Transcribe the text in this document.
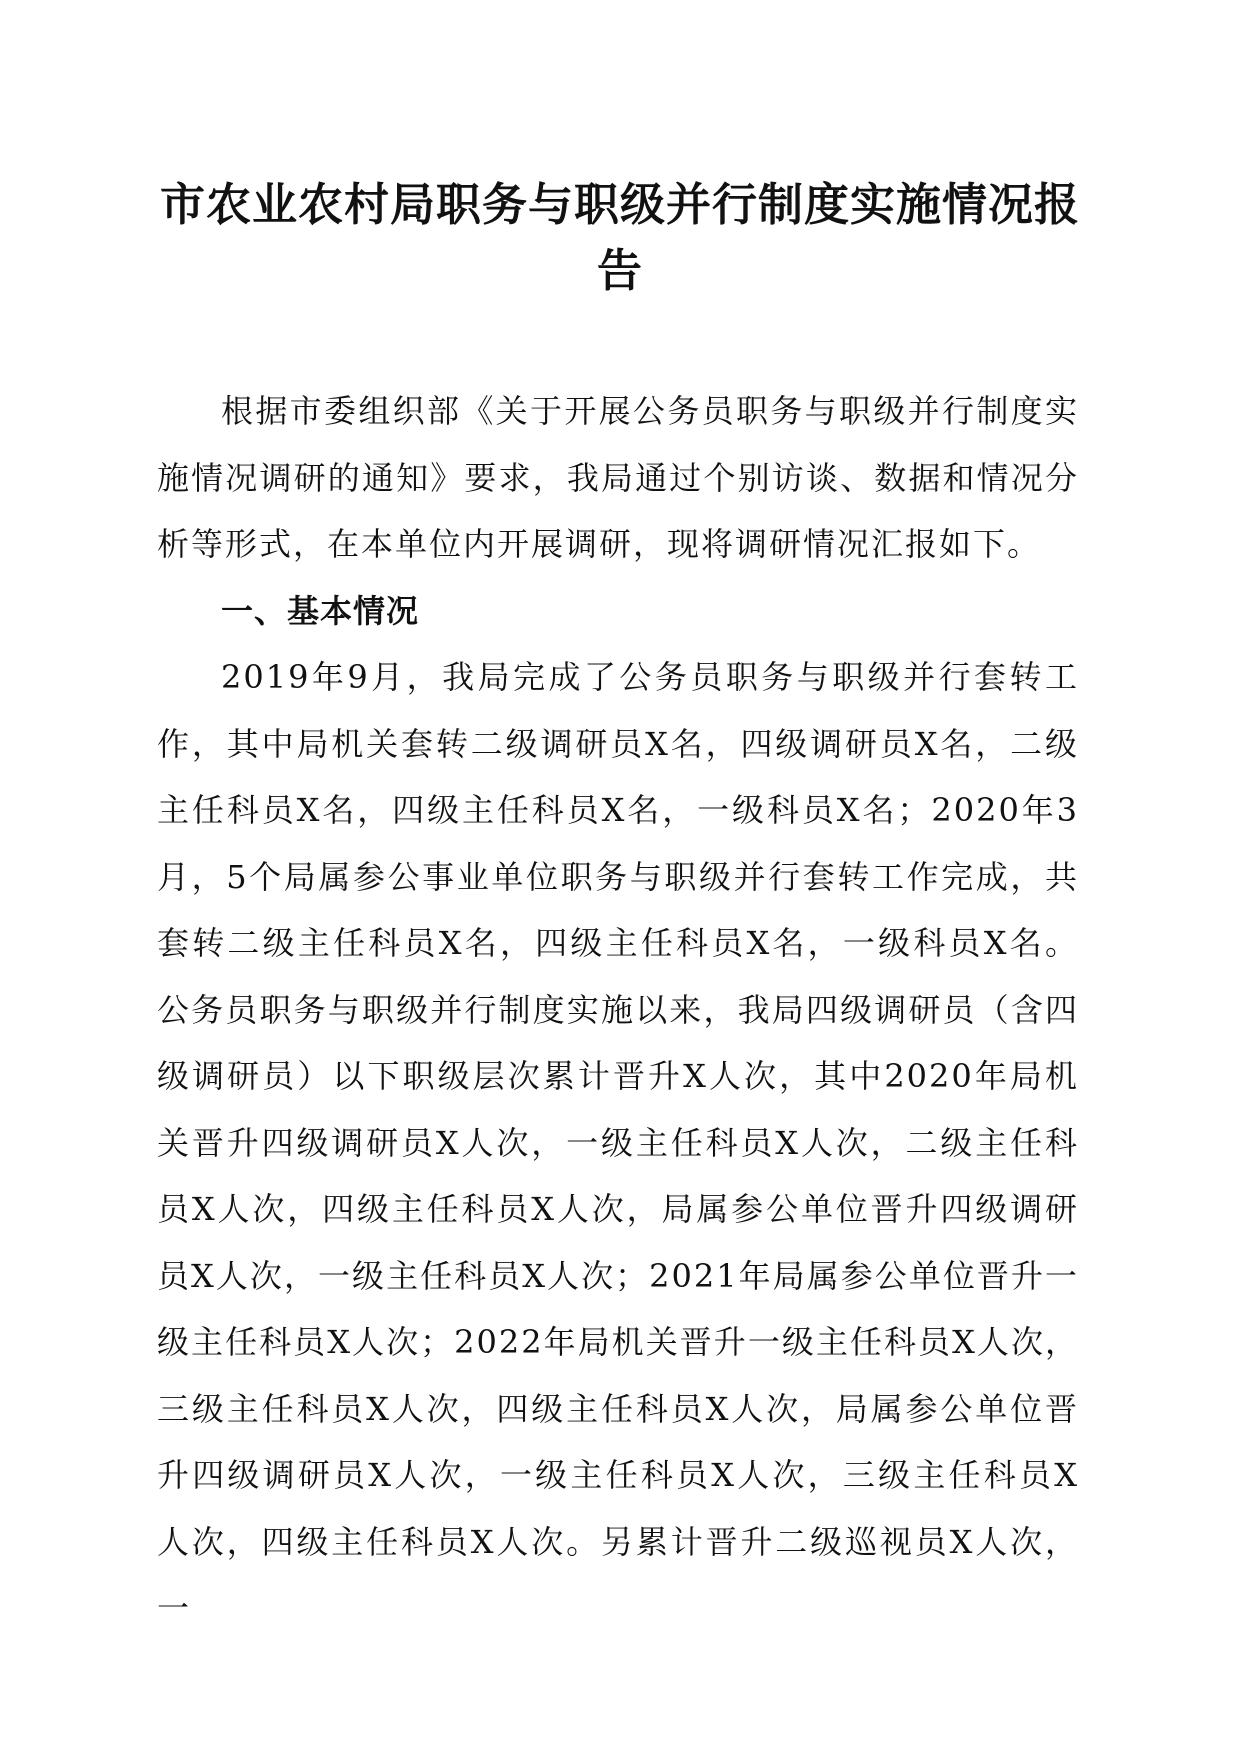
市农业农村局职务与职级并行制度实施情况报告

根据市委组织部《关于开展公务员职务与职级并行制度实施情况调研的通知》要求，我局通过个别访谈、数据和情况分析等形式，在本单位内开展调研，现将调研情况汇报如下。

一、基本情况

2019年9月，我局完成了公务员职务与职级并行套转工作，其中局机关套转二级调研员X名，四级调研员X名，二级主任科员X名，四级主任科员X名，一级科员X名；2020年3月，5个局属参公事业单位职务与职级并行套转工作完成，共套转二级主任科员X名，四级主任科员X名，一级科员X名。公务员职务与职级并行制度实施以来，我局四级调研员（含四级调研员）以下职级层次累计晋升X人次，其中2020年局机关晋升四级调研员X人次，一级主任科员X人次，二级主任科员X人次，四级主任科员X人次，局属参公单位晋升四级调研员X人次，一级主任科员X人次；2021年局属参公单位晋升一级主任科员X人次；2022年局机关晋升一级主任科员X人次，三级主任科员X人次，四级主任科员X人次，局属参公单位晋升四级调研员X人次，一级主任科员X人次，三级主任科员X人次，四级主任科员X人次。另累计晋升二级巡视员X人次，一
